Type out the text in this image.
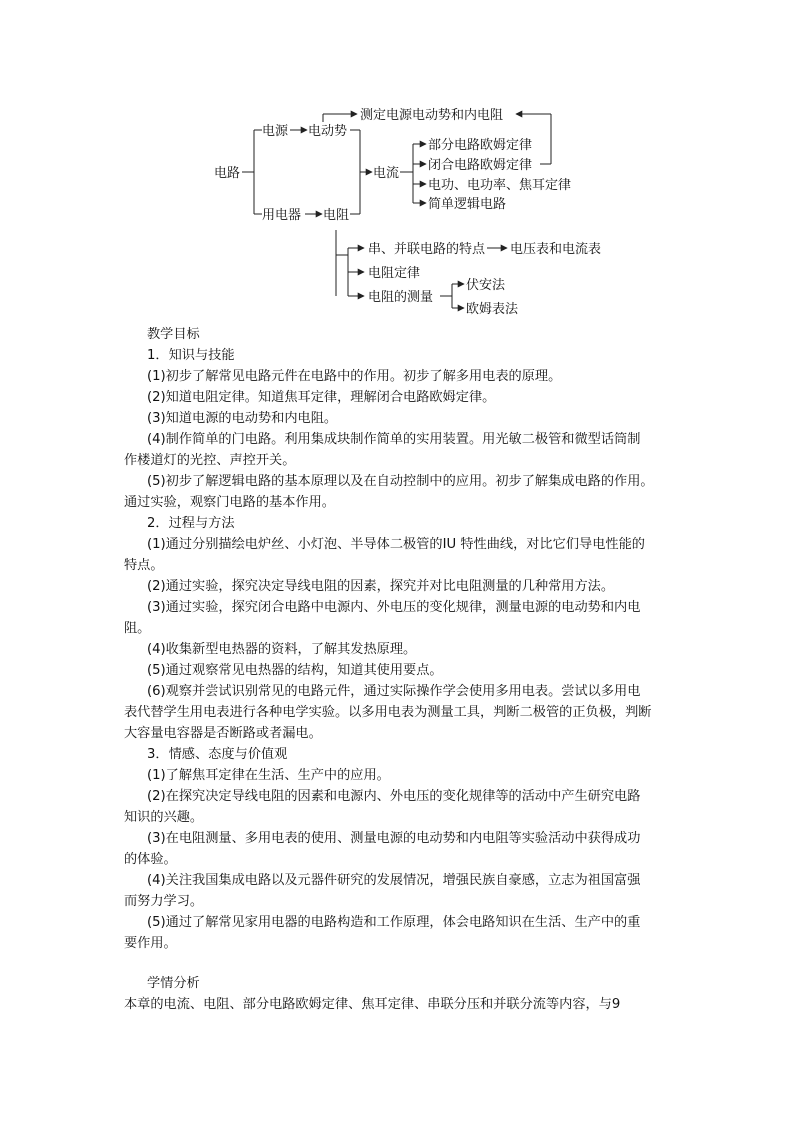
电路
电源 电动势
测定电源电动势和内电阻
用电器 电阻
电流
部分电路欧姆定律
闭合电路欧姆定律
电功、电功率、焦耳定律
简单逻辑电路
串、并联电路的特点 电压表和电流表
电阻定律
电阻的测量
伏安法
欧姆表法
教学目标
1．知识与技能
(1)初步了解常见电路元件在电路中的作用。初步了解多用电表的原理。
(2)知道电阻定律。知道焦耳定律，理解闭合电路欧姆定律。
(3)知道电源的电动势和内电阻。
(4)制作简单的门电路。利用集成块制作简单的实用装置。用光敏二极管和微型话筒制
作楼道灯的光控、声控开关。
(5)初步了解逻辑电路的基本原理以及在自动控制中的应用。初步了解集成电路的作用。
通过实验，观察门电路的基本作用。
2．过程与方法
(1)通过分别描绘电炉丝、小灯泡、半导体二极管的IU 特性曲线，对比它们导电性能的
特点。
(2)通过实验，探究决定导线电阻的因素，探究并对比电阻测量的几种常用方法。
(3)通过实验，探究闭合电路中电源内、外电压的变化规律，测量电源的电动势和内电
阻。
(4)收集新型电热器的资料，了解其发热原理。
(5)通过观察常见电热器的结构，知道其使用要点。
(6)观察并尝试识别常见的电路元件，通过实际操作学会使用多用电表。尝试以多用电
表代替学生用电表进行各种电学实验。以多用电表为测量工具，判断二极管的正负极，判断
大容量电容器是否断路或者漏电。
3．情感、态度与价值观
(1)了解焦耳定律在生活、生产中的应用。
(2)在探究决定导线电阻的因素和电源内、外电压的变化规律等的活动中产生研究电路
知识的兴趣。
(3)在电阻测量、多用电表的使用、测量电源的电动势和内电阻等实验活动中获得成功
的体验。
(4)关注我国集成电路以及元器件研究的发展情况，增强民族自豪感，立志为祖国富强
而努力学习。
(5)通过了解常见家用电器的电路构造和工作原理，体会电路知识在生活、生产中的重
要作用。
学情分析
本章的电流、电阻、部分电路欧姆定律、焦耳定律、串联分压和并联分流等内容，与9
